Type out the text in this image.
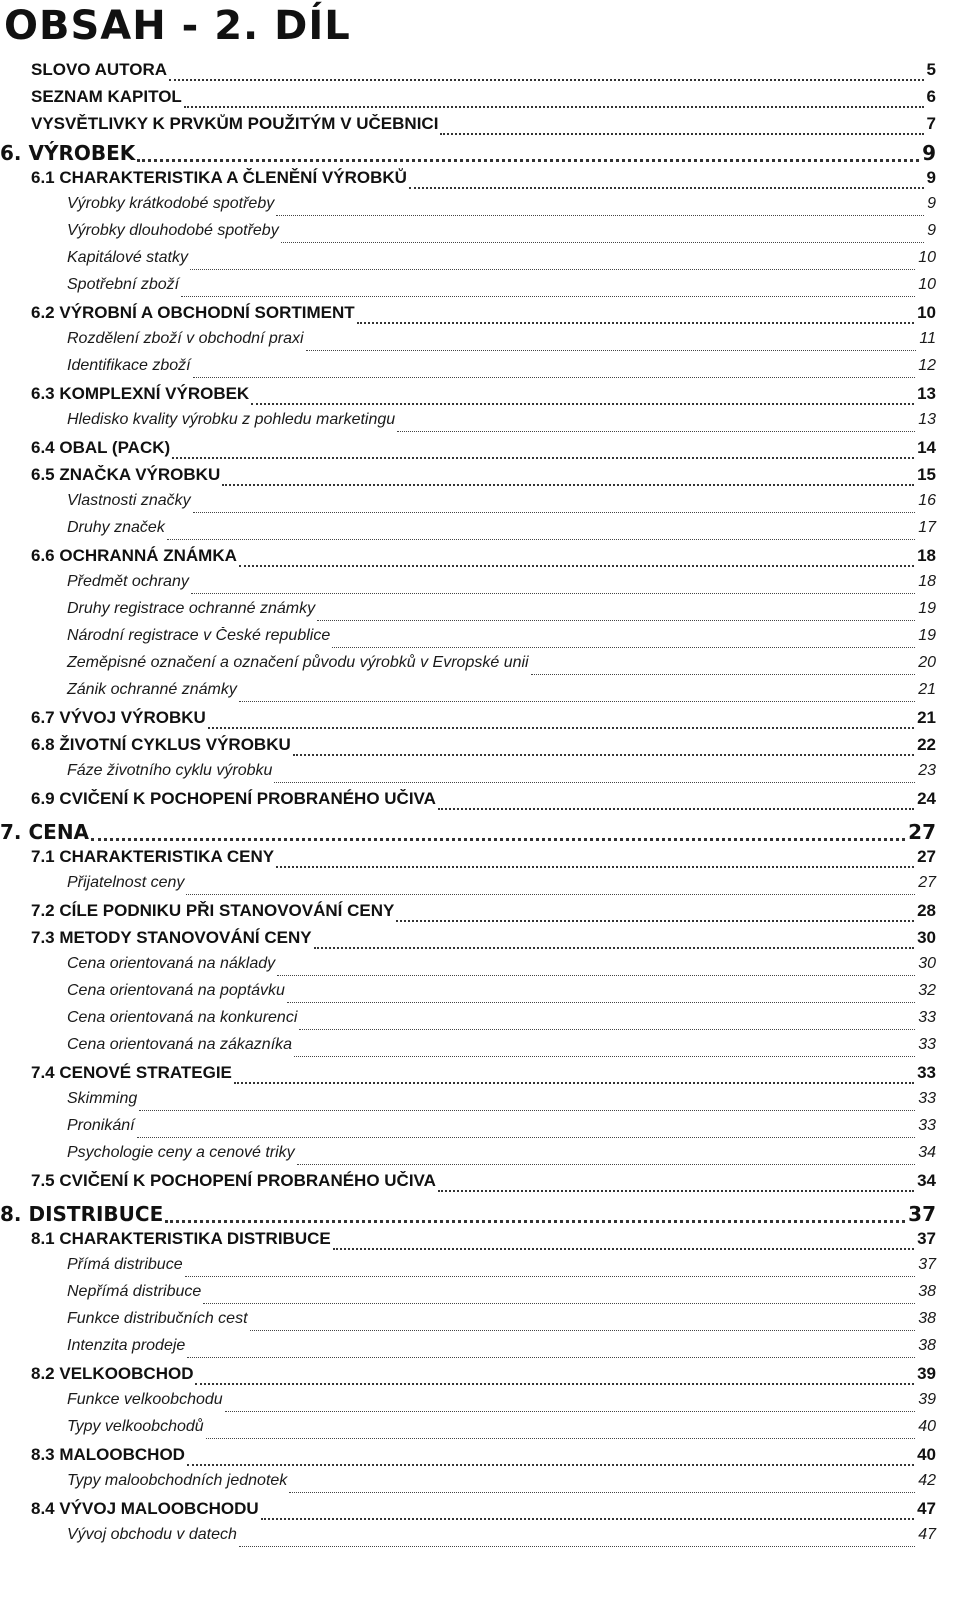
OBSAH - 2. DÍL
SLOVO AUTORA	5
SEZNAM KAPITOL	6
VYSVĚTLIVKY K PRVKŮM POUŽITÝM V UČEBNICI	7
6. VÝROBEK	9
6.1 CHARAKTERISTIKA A ČLENĚNÍ VÝROBKŮ	9
Výrobky krátkodobé spotřeby	9
Výrobky dlouhodobé spotřeby	9
Kapitálové statky	10
Spotřební zboží	10
6.2 VÝROBNÍ A OBCHODNÍ SORTIMENT	10
Rozdělení zboží v obchodní praxi	11
Identifikace zboží	12
6.3 KOMPLEXNÍ VÝROBEK	13
Hledisko kvality výrobku z pohledu marketingu	13
6.4 OBAL (PACK)	14
6.5 ZNAČKA VÝROBKU	15
Vlastnosti značky	16
Druhy značek	17
6.6 OCHRANNÁ ZNÁMKA	18
Předmět ochrany	18
Druhy registrace ochranné známky	19
Národní registrace v České republice	19
Zeměpisné označení a označení původu výrobků v Evropské unii	20
Zánik ochranné známky	21
6.7 VÝVOJ VÝROBKU	21
6.8 ŽIVOTNÍ CYKLUS VÝROBKU	22
Fáze životního cyklu výrobku	23
6.9 CVIČENÍ K POCHOPENÍ PROBRANÉHO UČIVA	24
7. CENA	27
7.1 CHARAKTERISTIKA CENY	27
Přijatelnost ceny	27
7.2 CÍLE PODNIKU PŘI STANOVOVÁNÍ CENY	28
7.3 METODY STANOVOVÁNÍ CENY	30
Cena orientovaná na náklady	30
Cena orientovaná na poptávku	32
Cena orientovaná na konkurenci	33
Cena orientovaná na zákazníka	33
7.4 CENOVÉ STRATEGIE	33
Skimming	33
Pronikání	33
Psychologie ceny a cenové triky	34
7.5 CVIČENÍ K POCHOPENÍ PROBRANÉHO UČIVA	34
8. DISTRIBUCE	37
8.1 CHARAKTERISTIKA DISTRIBUCE	37
Přímá distribuce	37
Nepřímá distribuce	38
Funkce distribučních cest	38
Intenzita prodeje	38
8.2 VELKOOBCHOD	39
Funkce velkoobchodu	39
Typy velkoobchodů	40
8.3 MALOOBCHOD	40
Typy maloobchodních jednotek	42
8.4 VÝVOJ MALOOBCHODU	47
Vývoj obchodu v datech	47
